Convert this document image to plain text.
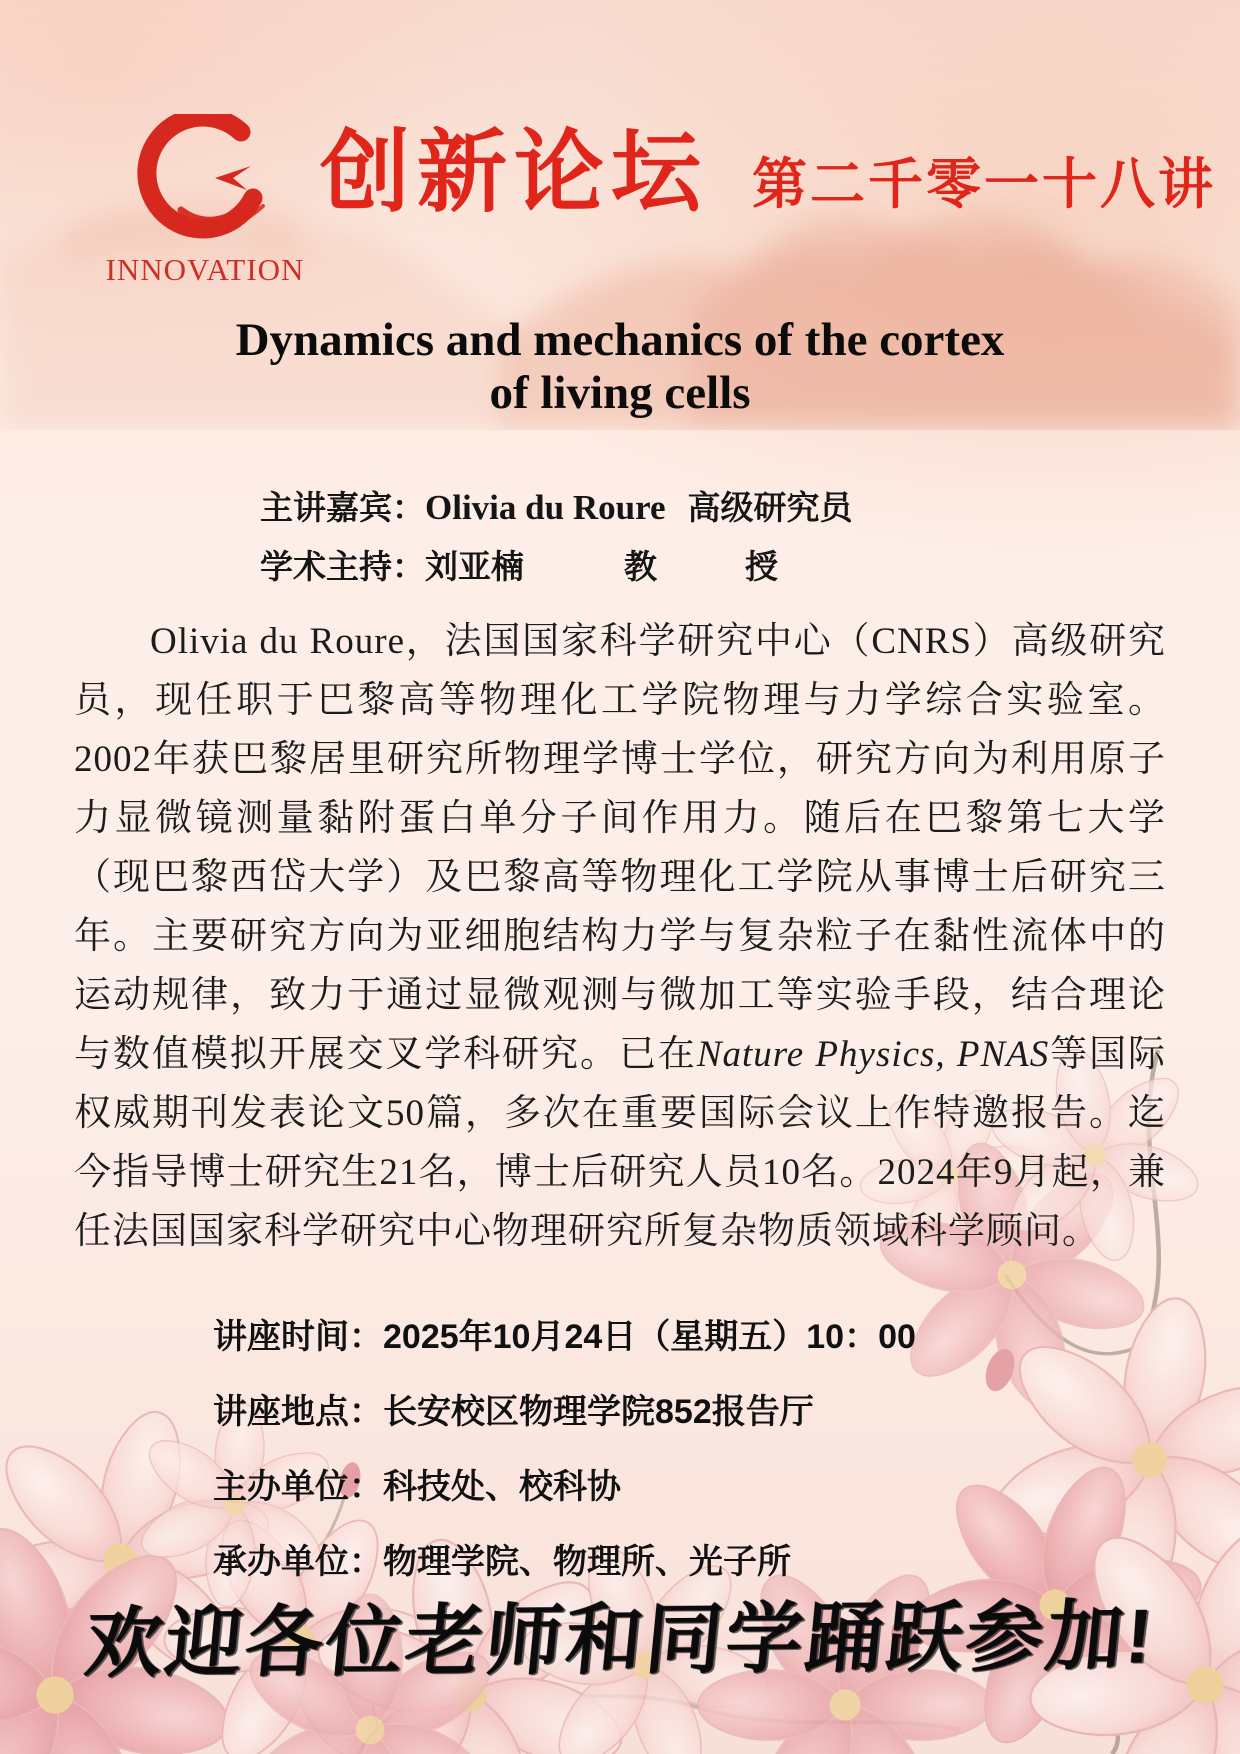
INNOVATION
创新论坛 第二千零一十八讲
Dynamics and mechanics of the cortex
of living cells
主讲嘉宾： Olivia du Roure 高级研究员
学术主持： 刘亚楠	教	授

Olivia du Roure，法国国家科学研究中心（CNRS）高级研究员，现任职于巴黎高等物理化工学院物理与力学综合实验室。2002年获巴黎居里研究所物理学博士学位，研究方向为利用原子力显微镜测量黏附蛋白单分子间作用力。随后在巴黎第七大学（现巴黎西岱大学）及巴黎高等物理化工学院从事博士后研究三年。主要研究方向为亚细胞结构力学与复杂粒子在黏性流体中的运动规律，致力于通过显微观测与微加工等实验手段，结合理论与数值模拟开展交叉学科研究。已在Nature Physics, PNAS等国际权威期刊发表论文50篇，多次在重要国际会议上作特邀报告。迄今指导博士研究生21名，博士后研究人员10名。2024年9月起，兼任法国国家科学研究中心物理研究所复杂物质领域科学顾问。

讲座时间： 2025年10月24日（星期五）10：00
讲座地点： 长安校区物理学院852报告厅
主办单位： 科技处、校科协
承办单位： 物理学院、物理所、光子所
欢迎各位老师和同学踊跃参加!
